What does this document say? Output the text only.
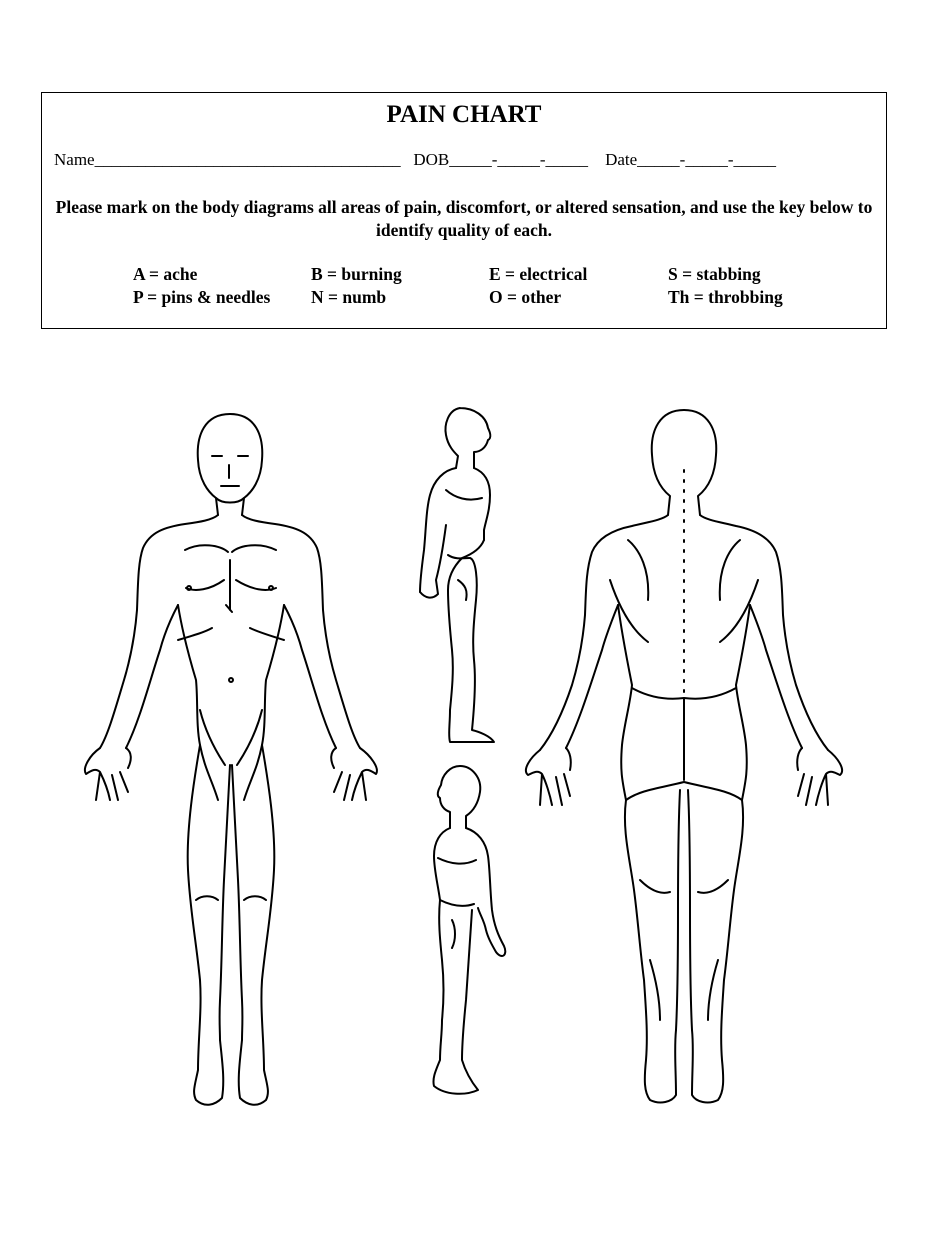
PAIN CHART
Name____________________________________ DOB_____-_____-_____ Date_____-_____-_____
Please mark on the body diagrams all areas of pain, discomfort, or altered sensation, and use the key below to identify quality of each.
A = ache	B = burning	E = electrical	S = stabbing
P = pins & needles N = numb	O = other	Th = throbbing
